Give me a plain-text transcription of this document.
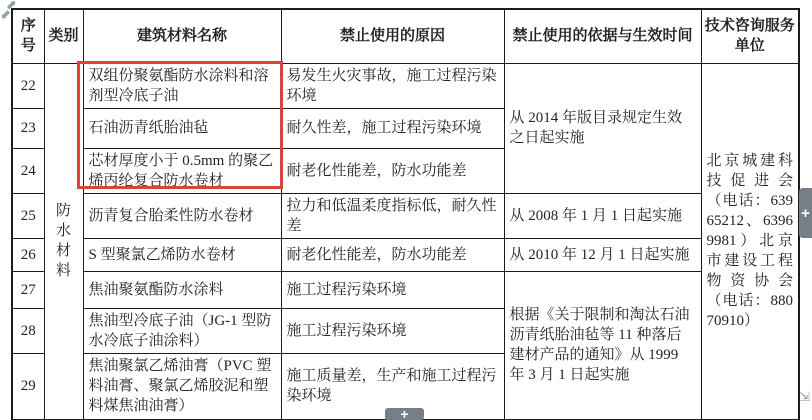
序号	类别	建筑材料名称	禁止使用的原因	禁止使用的依据与生效时间	技术咨询服务单位
22	防水材料	双组份聚氨酯防水涂料和溶剂型冷底子油	易发生火灾事故，施工过程污染环境	从 2014 年版目录规定生效之日起实施	北京城建科技促进会（电话：63965212、63969981）北京市建设工程物资协会（电话：88070910）
23		石油沥青纸胎油毡	耐久性差，施工过程污染环境		
24		芯材厚度小于 0.5mm 的聚乙烯丙纶复合防水卷材	耐老化性能差，防水功能差		
25		沥青复合胎柔性防水卷材	拉力和低温柔度指标低，耐久性差	从 2008 年 1 月 1 日起实施	
26		S 型聚氯乙烯防水卷材	耐老化性能差，防水功能差	从 2010 年 12 月 1 日起实施	
27		焦油聚氨酯防水涂料	施工过程污染环境	根据《关于限制和淘汰石油沥青纸胎油毡等 11 种落后建材产品的通知》从 1999 年 3 月 1 日起实施	
28		焦油型冷底子油（JG-1 型防水冷底子油涂料）	施工过程污染环境		
29		焦油聚氯乙烯油膏（PVC 塑料油膏、聚氯乙烯胶泥和塑料煤焦油油膏）	施工质量差，生产和施工过程污染环境		
⬈
⬋
+
+
⇲
